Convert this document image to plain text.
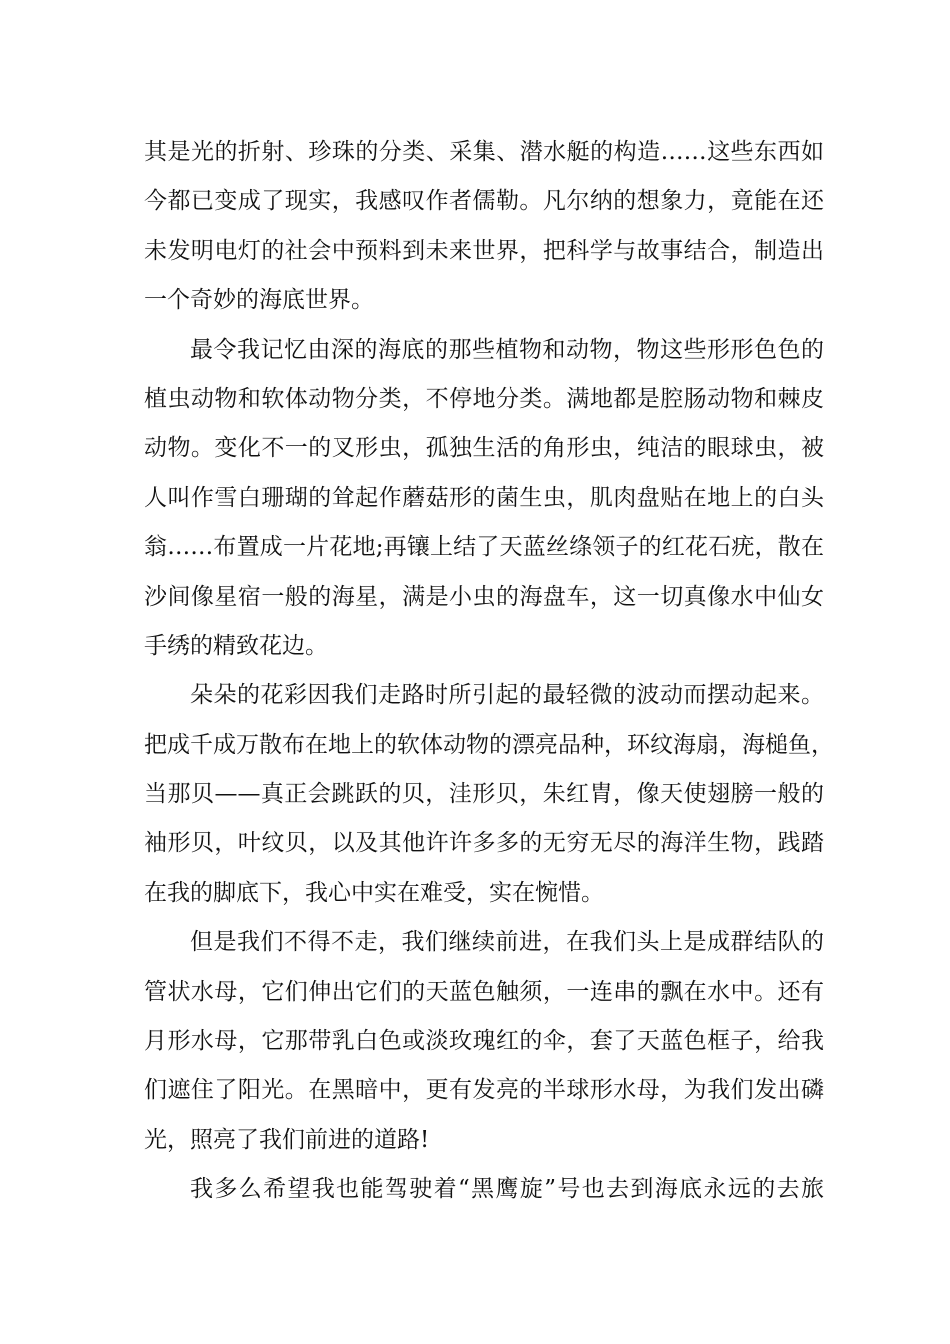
其是光的折射、珍珠的分类、采集、潜水艇的构造……这些东西如
今都已变成了现实，我感叹作者儒勒。凡尔纳的想象力，竟能在还
未发明电灯的社会中预料到未来世界，把科学与故事结合，制造出
一个奇妙的海底世界。
最令我记忆由深的海底的那些植物和动物，物这些形形色色的
植虫动物和软体动物分类，不停地分类。满地都是腔肠动物和棘皮
动物。变化不一的叉形虫，孤独生活的角形虫，纯洁的眼球虫，被
人叫作雪白珊瑚的耸起作蘑菇形的菌生虫，肌肉盘贴在地上的白头
翁……布置成一片花地;再镶上结了天蓝丝绦领子的红花石疣，散在
沙间像星宿一般的海星，满是小虫的海盘车，这一切真像水中仙女
手绣的精致花边。
朵朵的花彩因我们走路时所引起的最轻微的波动而摆动起来。
把成千成万散布在地上的软体动物的漂亮品种，环纹海扇，海槌鱼，
当那贝——真正会跳跃的贝，洼形贝，朱红胄，像天使翅膀一般的
袖形贝，叶纹贝，以及其他许许多多的无穷无尽的海洋生物，践踏
在我的脚底下，我心中实在难受，实在惋惜。
但是我们不得不走，我们继续前进，在我们头上是成群结队的
管状水母，它们伸出它们的天蓝色触须，一连串的飘在水中。还有
月形水母，它那带乳白色或淡玫瑰红的伞，套了天蓝色框子，给我
们遮住了阳光。在黑暗中，更有发亮的半球形水母，为我们发出磷
光，照亮了我们前进的道路!
我多么希望我也能驾驶着“黑鹰旋”号也去到海底永远的去旅
